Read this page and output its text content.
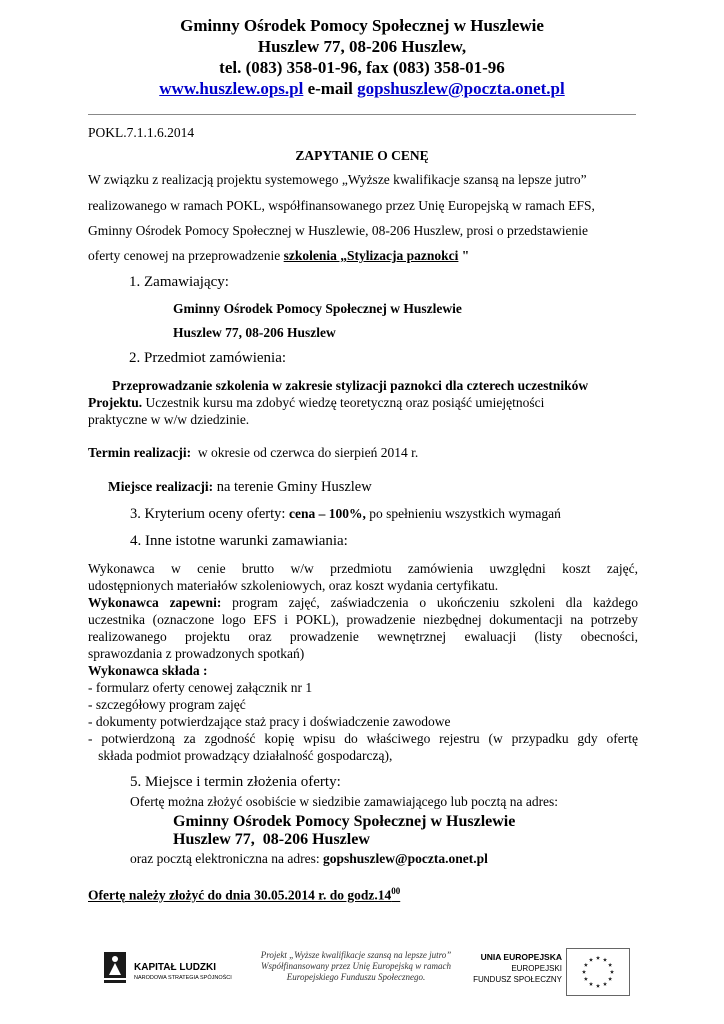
Gminny Ośrodek Pomocy Społecznej w Huszlewie
Huszlew 77, 08-206 Huszlew,
tel. (083) 358-01-96, fax (083) 358-01-96
www.huszlew.ops.pl e-mail gopshuszlew@poczta.onet.pl
POKL.7.1.1.6.2014
ZAPYTANIE O CENĘ
W związku z realizacją projektu systemowego „Wyższe kwalifikacje szansą na lepsze jutro”
realizowanego w ramach POKL, współfinansowanego przez Unię Europejską w ramach EFS,
Gminny Ośrodek Pomocy Społecznej w Huszlewie, 08-206 Huszlew, prosi o przedstawienie
oferty cenowej na przeprowadzenie szkolenia „Stylizacja paznokci "
1. Zamawiający:
Gminny Ośrodek Pomocy Społecznej w Huszlewie
Huszlew 77, 08-206 Huszlew
2. Przedmiot zamówienia:
Przeprowadzanie szkolenia w zakresie stylizacji paznokci dla czterech uczestników
Projektu. Uczestnik kursu ma zdobyć wiedzę teoretyczną oraz posiąść umiejętności
praktyczne w w/w dziedzinie.
Termin realizacji:  w okresie od czerwca do sierpień 2014 r.
Miejsce realizacji: na terenie Gminy Huszlew
3. Kryterium oceny oferty: cena – 100%, po spełnieniu wszystkich wymagań
4. Inne istotne warunki zamawiania:
Wykonawca w cenie brutto w/w przedmiotu zamówienia uwzględni koszt zajęć,
udostępnionych materiałów szkoleniowych, oraz koszt wydania certyfikatu.
Wykonawca zapewni: program zajęć, zaświadczenia o ukończeniu szkoleni dla każdego
uczestnika (oznaczone logo EFS i POKL), prowadzenie niezbędnej dokumentacji na potrzeby
realizowanego projektu oraz prowadzenie wewnętrznej ewaluacji (listy obecności,
sprawozdania z prowadzonych spotkań)
Wykonawca składa :
- formularz oferty cenowej załącznik nr 1
- szczegółowy program zajęć
- dokumenty potwierdzające staż pracy i doświadczenie zawodowe
- potwierdzoną za zgodność kopię wpisu do właściwego rejestru (w przypadku gdy ofertę
składa podmiot prowadzący działalność gospodarczą),
5. Miejsce i termin złożenia oferty:
Ofertę można złożyć osobiście w siedzibie zamawiającego lub pocztą na adres:
Gminny Ośrodek Pomocy Społecznej w Huszlewie
Huszlew 77,  08-206 Huszlew
oraz pocztą elektroniczna na adres: gopshuszlew@poczta.onet.pl
Ofertę należy złożyć do dnia 30.05.2014 r. do $godz.14^{00}$
KAPITAŁ LUDZKI
NARODOWA STRATEGIA SPÓJNOŚCI
Projekt „Wyższe kwalifikacje szansą na lepsze jutro”
Współfinansowany przez Unię Europejską w ramach
Europejskiego Funduszu Społecznego.
UNIA EUROPEJSKA
EUROPEJSKI
FUNDUSZ SPOŁECZNY
